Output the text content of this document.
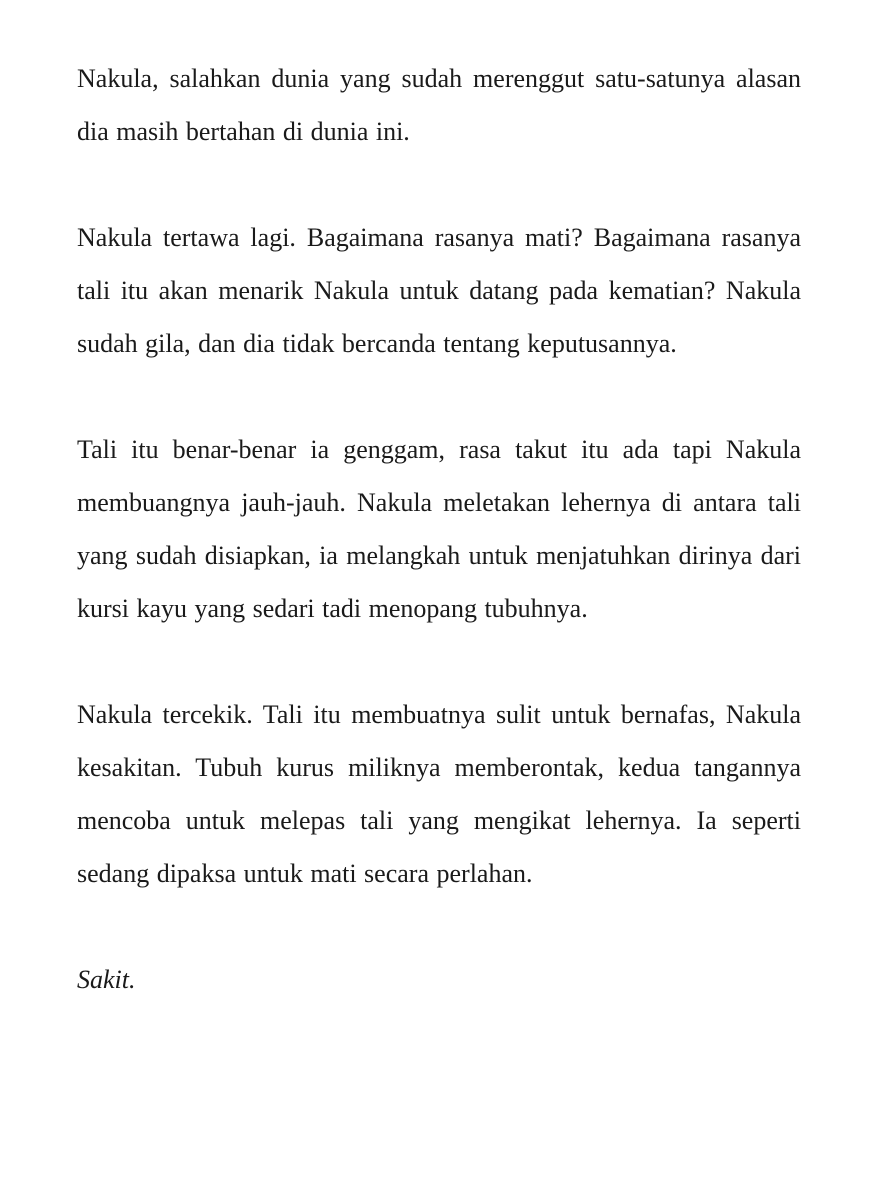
Nakula, salahkan dunia yang sudah merenggut satu-satunya alasan dia masih bertahan di dunia ini.

Nakula tertawa lagi. Bagaimana rasanya mati? Bagaimana rasanya tali itu akan menarik Nakula untuk datang pada kematian? Nakula sudah gila, dan dia tidak bercanda tentang keputusannya.

Tali itu benar-benar ia genggam, rasa takut itu ada tapi Nakula membuangnya jauh-jauh. Nakula meletakan lehernya di antara tali yang sudah disiapkan, ia melangkah untuk menjatuhkan dirinya dari kursi kayu yang sedari tadi menopang tubuhnya.

Nakula tercekik. Tali itu membuatnya sulit untuk bernafas, Nakula kesakitan. Tubuh kurus miliknya memberontak, kedua tangannya mencoba untuk melepas tali yang mengikat lehernya. Ia seperti sedang dipaksa untuk mati secara perlahan.

Sakit.
